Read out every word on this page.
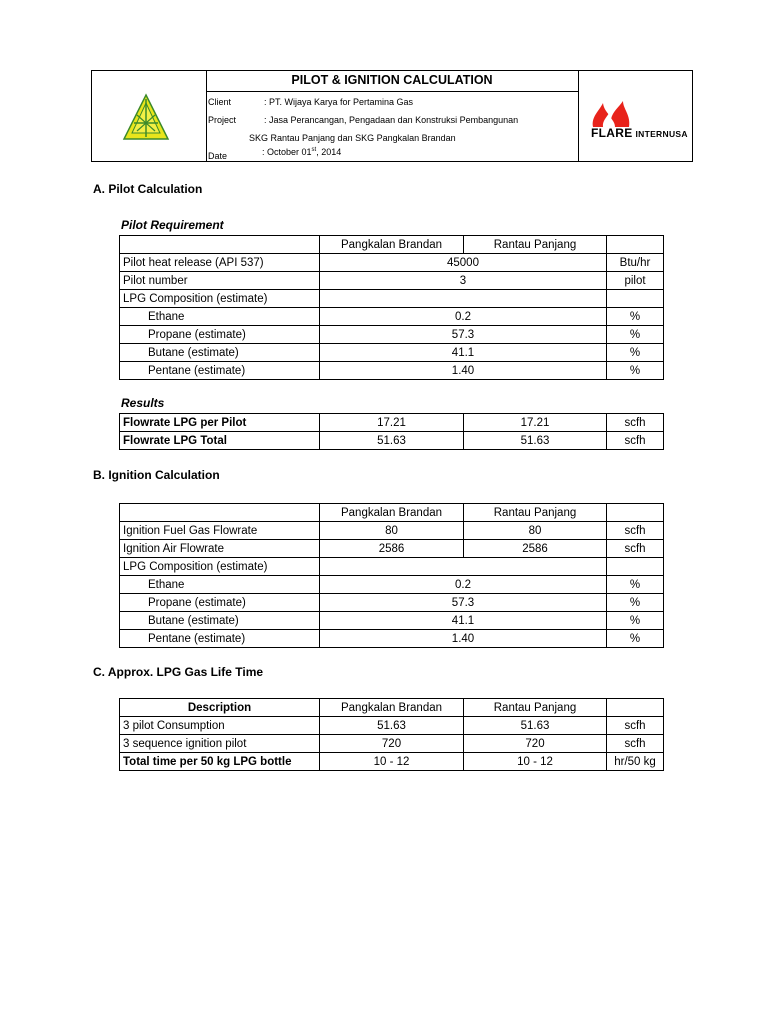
PILOT & IGNITION CALCULATION
Client	: PT. Wijaya Karya for Pertamina Gas
Project	: Jasa Perancangan, Pengadaan dan Konstruksi Pembangunan
SKG Rantau Panjang dan SKG Pangkalan Brandan
Date	: October 01st, 2014
FLARE INTERNUSA
A. Pilot Calculation
Pilot Requirement
	Pangkalan Brandan	Rantau Panjang	
Pilot heat release (API 537)	45000		Btu/hr
Pilot number	3		pilot
LPG Composition (estimate)			
Ethane	0.2		%
Propane (estimate)	57.3		%
Butane (estimate)	41.1		%
Pentane (estimate)	1.40		%
Results
Flowrate LPG per Pilot	17.21	17.21	scfh
Flowrate LPG Total	51.63	51.63	scfh
B. Ignition Calculation
	Pangkalan Brandan	Rantau Panjang	
Ignition Fuel Gas Flowrate	80	80	scfh
Ignition Air Flowrate	2586	2586	scfh
LPG Composition (estimate)			
Ethane	0.2		%
Propane (estimate)	57.3		%
Butane (estimate)	41.1		%
Pentane (estimate)	1.40		%
C. Approx. LPG Gas Life Time
Description	Pangkalan Brandan	Rantau Panjang	
3 pilot Consumption	51.63	51.63	scfh
3 sequence ignition pilot	720	720	scfh
Total time per 50 kg LPG bottle	10 - 12	10 - 12	hr/50 kg
